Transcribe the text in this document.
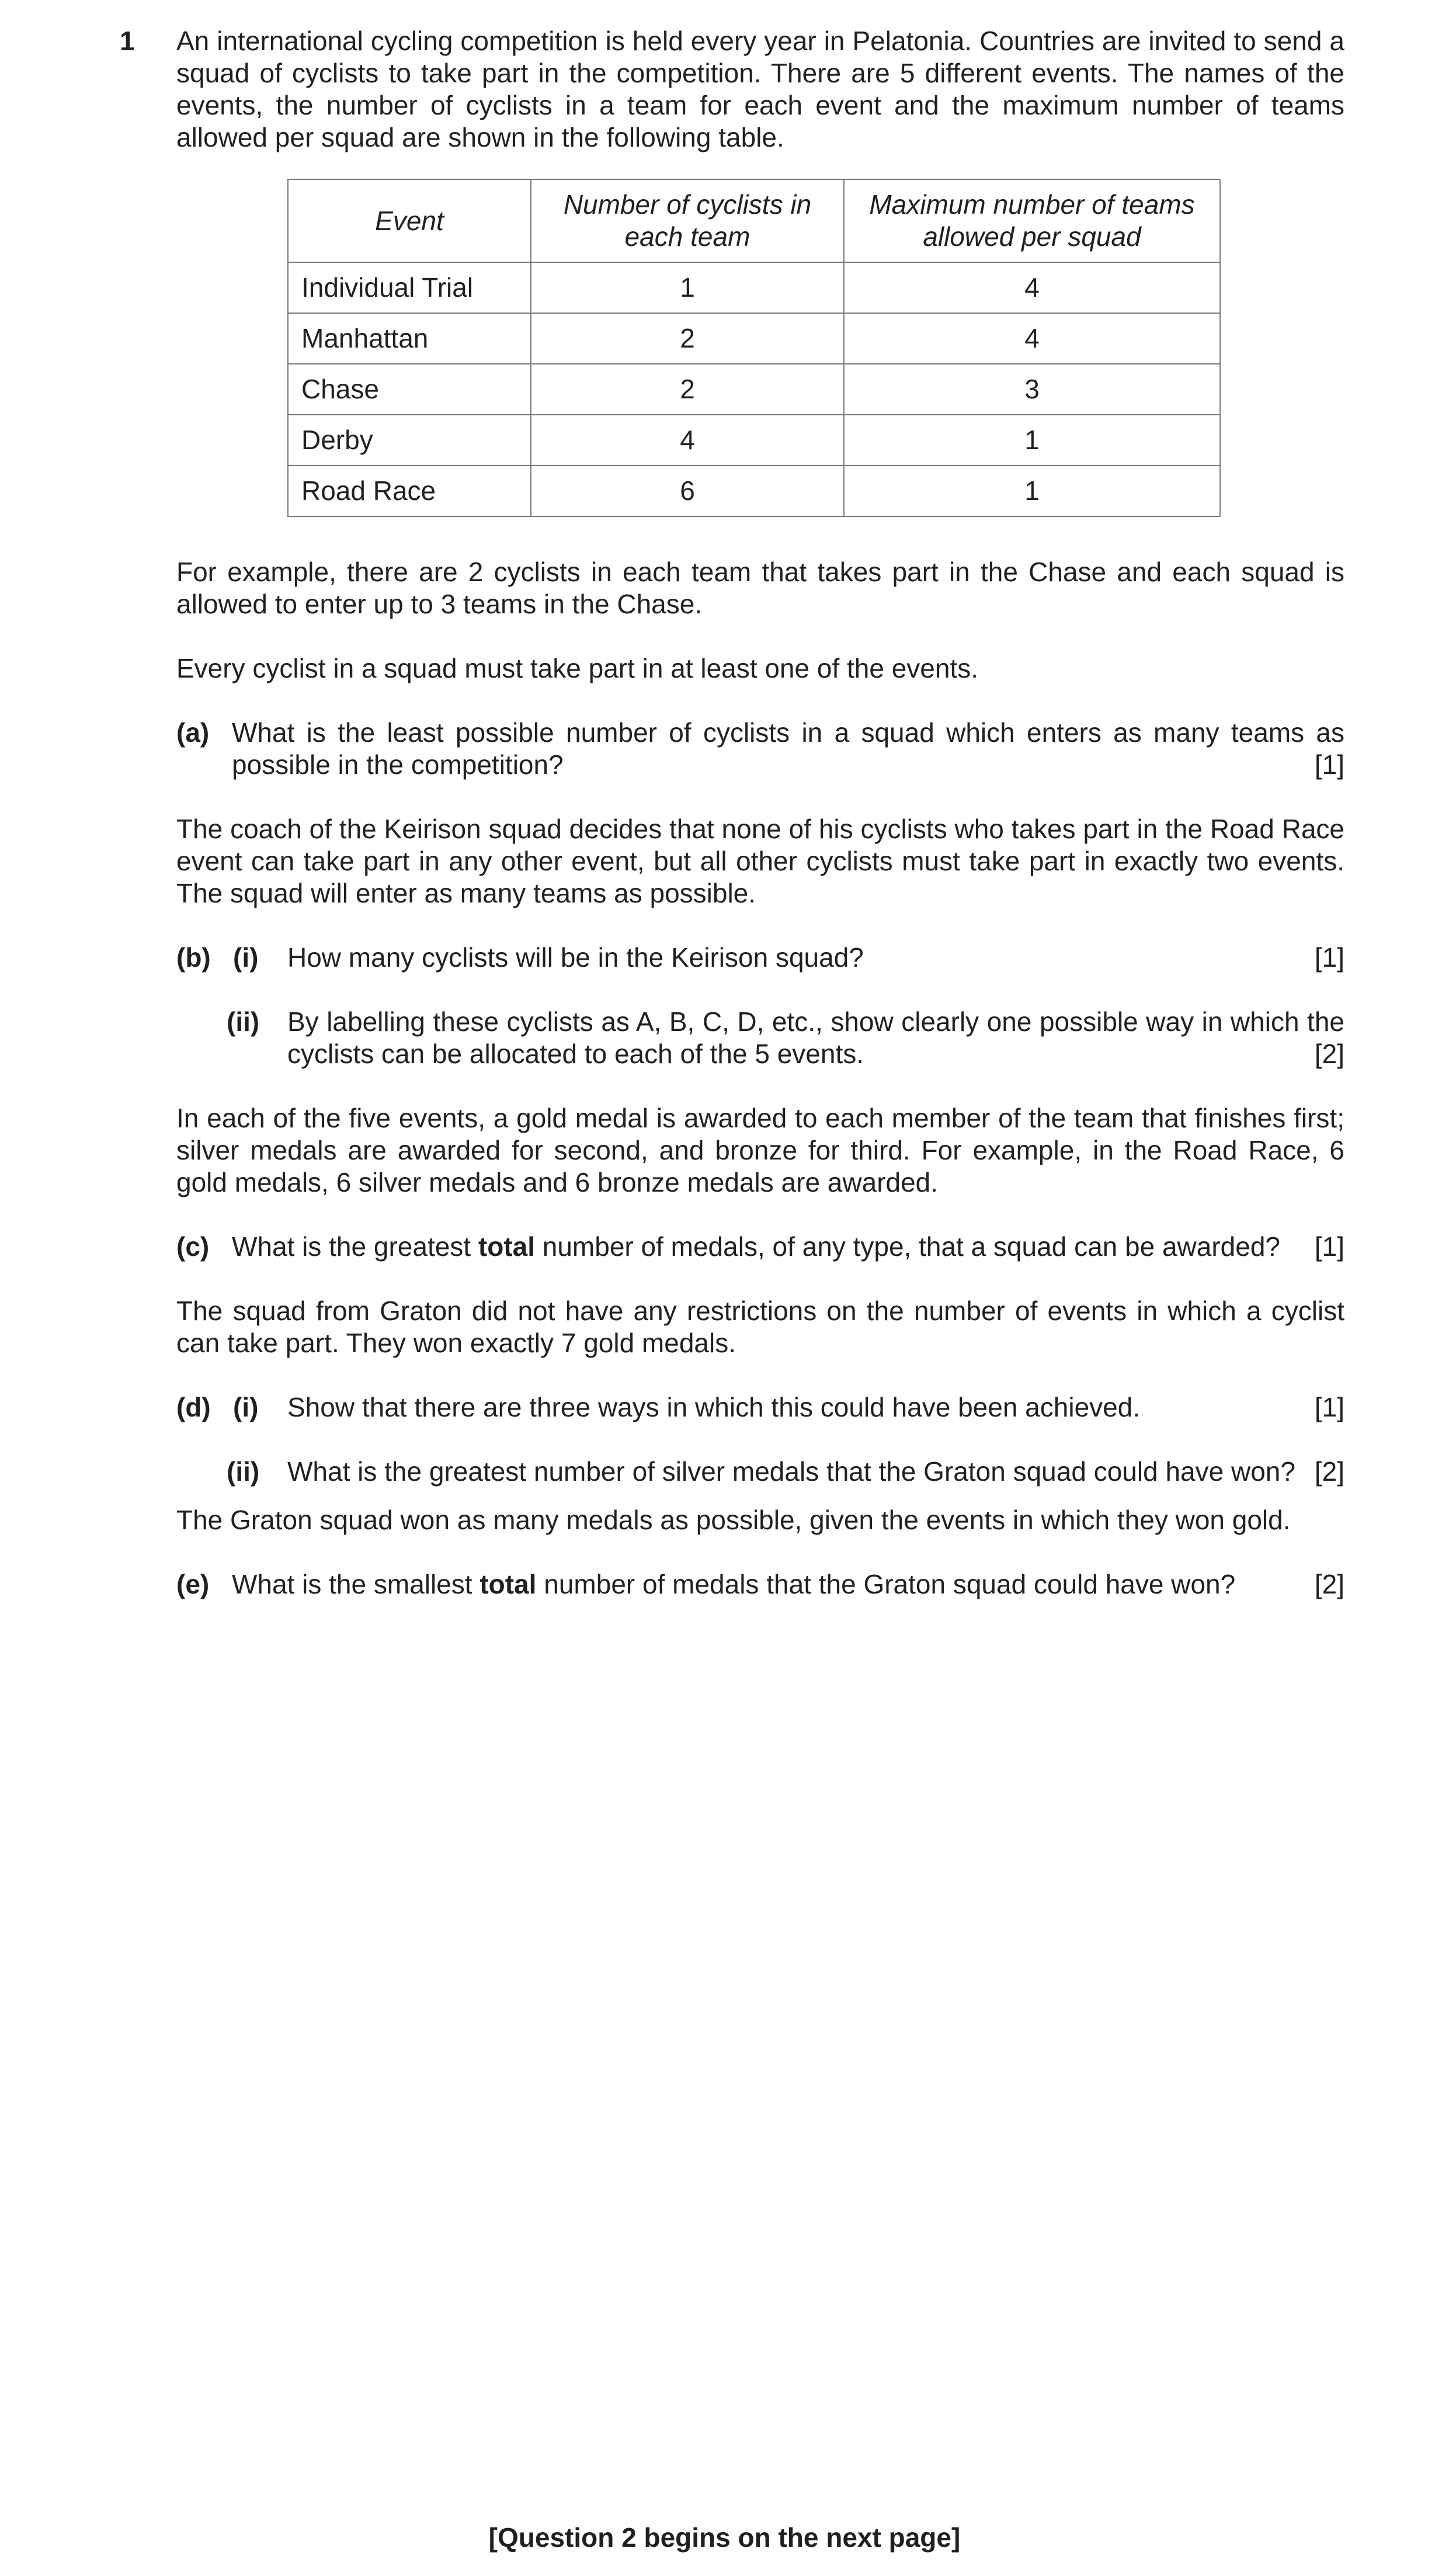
1 An international cycling competition is held every year in Pelatonia. Countries are invited to send a squad of cyclists to take part in the competition. There are 5 different events. The names of the events, the number of cyclists in a team for each event and the maximum number of teams allowed per squad are shown in the following table.
Event	Number of cyclists in each team	Maximum number of teams allowed per squad
Individual Trial	1	4
Manhattan	2	4
Chase	2	3
Derby	4	1
Road Race	6	1
For example, there are 2 cyclists in each team that takes part in the Chase and each squad is allowed to enter up to 3 teams in the Chase.
Every cyclist in a squad must take part in at least one of the events.
(a) What is the least possible number of cyclists in a squad which enters as many teams as possible in the competition?	[1]
The coach of the Keirison squad decides that none of his cyclists who takes part in the Road Race event can take part in any other event, but all other cyclists must take part in exactly two events. The squad will enter as many teams as possible.
(b) (i) How many cyclists will be in the Keirison squad?	[1]
(ii) By labelling these cyclists as A, B, C, D, etc., show clearly one possible way in which the cyclists can be allocated to each of the 5 events.	[2]
In each of the five events, a gold medal is awarded to each member of the team that finishes first; silver medals are awarded for second, and bronze for third. For example, in the Road Race, 6 gold medals, 6 silver medals and 6 bronze medals are awarded.
(c) What is the greatest total number of medals, of any type, that a squad can be awarded? [1]
The squad from Graton did not have any restrictions on the number of events in which a cyclist can take part. They won exactly 7 gold medals.
(d) (i) Show that there are three ways in which this could have been achieved.	[1]
(ii) What is the greatest number of silver medals that the Graton squad could have won? [2]
The Graton squad won as many medals as possible, given the events in which they won gold.
(e) What is the smallest total number of medals that the Graton squad could have won?	[2]
[Question 2 begins on the next page]
